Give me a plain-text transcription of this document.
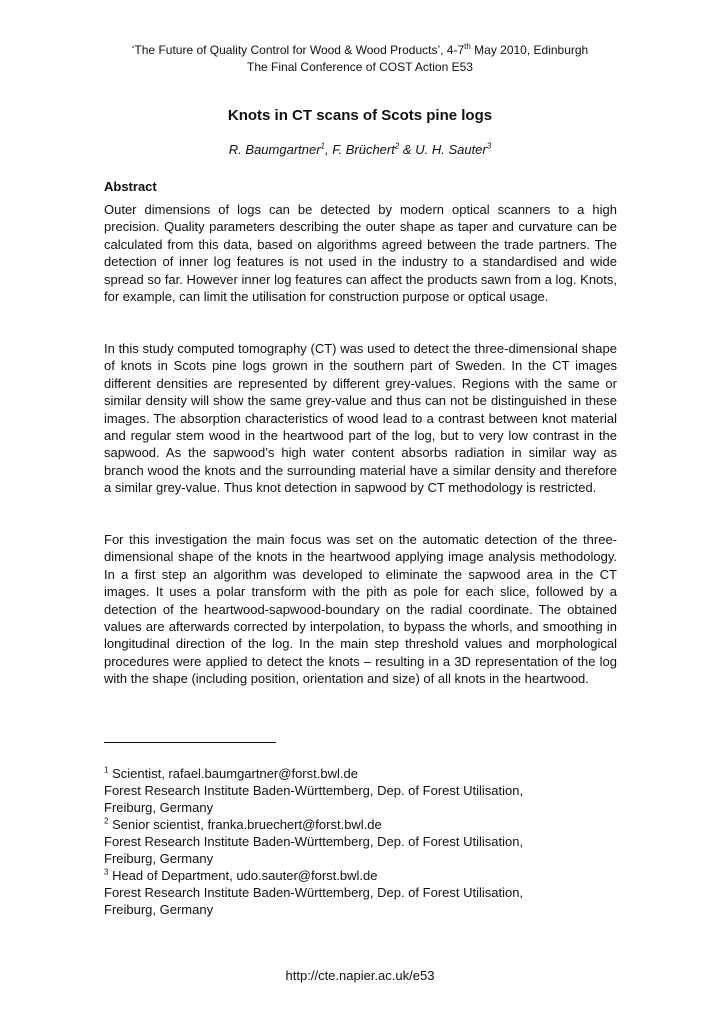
‘The Future of Quality Control for Wood & Wood Products’, 4-7th May 2010, Edinburgh
The Final Conference of COST Action E53
Knots in CT scans of Scots pine logs
R. Baumgartner$^1$, F. Brüchert$^2$ & U. H. Sauter$^3$
Abstract

Outer dimensions of logs can be detected by modern optical scanners to a high precision. Quality parameters describing the outer shape as taper and curvature can be calculated from this data, based on algorithms agreed between the trade partners. The detection of inner log features is not used in the industry to a standardised and wide spread so far. However inner log features can affect the products sawn from a log. Knots, for example, can limit the utilisation for construction purpose or optical usage.

In this study computed tomography (CT) was used to detect the three-dimensional shape of knots in Scots pine logs grown in the southern part of Sweden. In the CT images different densities are represented by different grey-values. Regions with the same or similar density will show the same grey-value and thus can not be distinguished in these images. The absorption characteristics of wood lead to a contrast between knot material and regular stem wood in the heartwood part of the log, but to very low contrast in the sapwood. As the sapwood’s high water content absorbs radiation in similar way as branch wood the knots and the surrounding material have a similar density and therefore a similar grey-value. Thus knot detection in sapwood by CT methodology is restricted.

For this investigation the main focus was set on the automatic detection of the three-dimensional shape of the knots in the heartwood applying image analysis methodology. In a first step an algorithm was developed to eliminate the sapwood area in the CT images. It uses a polar transform with the pith as pole for each slice, followed by a detection of the heartwood-sapwood-boundary on the radial coordinate. The obtained values are afterwards corrected by interpolation, to bypass the whorls, and smoothing in longitudinal direction of the log. In the main step threshold values and morphological procedures were applied to detect the knots – resulting in a 3D representation of the log with the shape (including position, orientation and size) of all knots in the heartwood.

$^1$ Scientist, rafael.baumgartner@forst.bwl.de
Forest Research Institute Baden-Württemberg, Dep. of Forest Utilisation,
Freiburg, Germany
$^2$ Senior scientist, franka.bruechert@forst.bwl.de
Forest Research Institute Baden-Württemberg, Dep. of Forest Utilisation,
Freiburg, Germany
$^3$ Head of Department, udo.sauter@forst.bwl.de
Forest Research Institute Baden-Württemberg, Dep. of Forest Utilisation,
Freiburg, Germany
http://cte.napier.ac.uk/e53
